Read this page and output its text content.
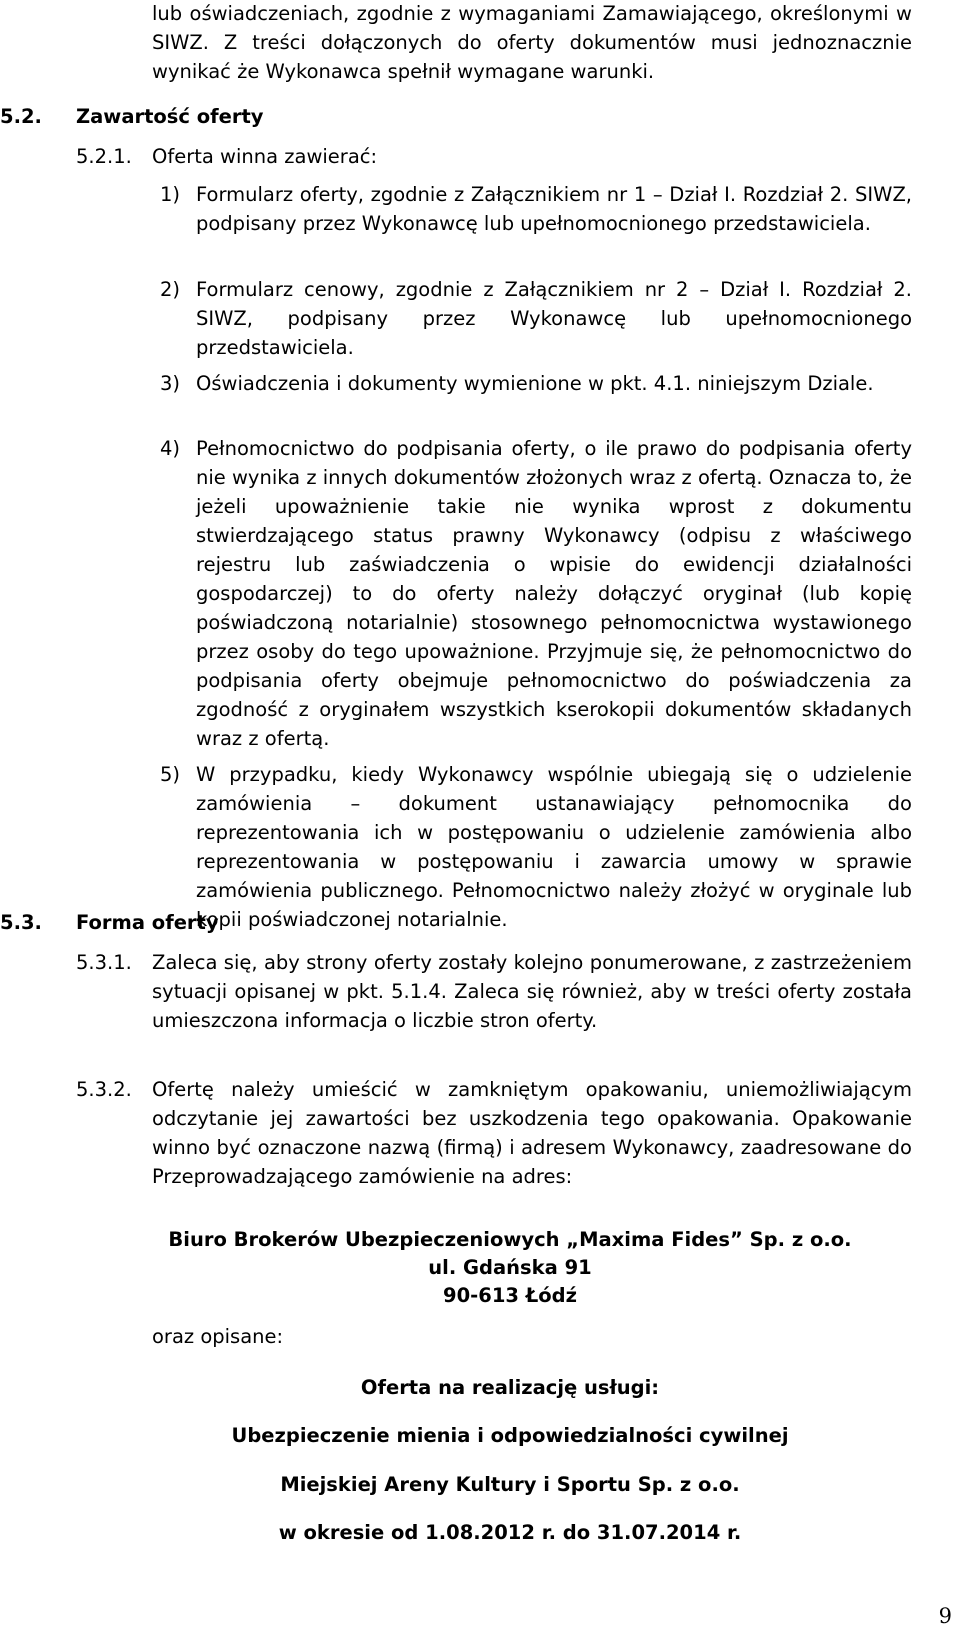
lub oświadczeniach, zgodnie z wymaganiami Zamawiającego, określonymi w SIWZ. Z treści dołączonych do oferty dokumentów musi jednoznacznie wynikać że Wykonawca spełnił wymagane warunki.
5.2. Zawartość oferty
5.2.1. Oferta winna zawierać:
1) Formularz oferty, zgodnie z Załącznikiem nr 1 – Dział I. Rozdział 2. SIWZ, podpisany przez Wykonawcę lub upełnomocnionego przedstawiciela.
2) Formularz cenowy, zgodnie z Załącznikiem nr 2 – Dział I. Rozdział 2. SIWZ, podpisany przez Wykonawcę lub upełnomocnionego przedstawiciela.
3) Oświadczenia i dokumenty wymienione w pkt. 4.1. niniejszym Dziale.
4) Pełnomocnictwo do podpisania oferty, o ile prawo do podpisania oferty nie wynika z innych dokumentów złożonych wraz z ofertą. Oznacza to, że jeżeli upoważnienie takie nie wynika wprost z dokumentu stwierdzającego status prawny Wykonawcy (odpisu z właściwego rejestru lub zaświadczenia o wpisie do ewidencji działalności gospodarczej) to do oferty należy dołączyć oryginał (lub kopię poświadczoną notarialnie) stosownego pełnomocnictwa wystawionego przez osoby do tego upoważnione. Przyjmuje się, że pełnomocnictwo do podpisania oferty obejmuje pełnomocnictwo do poświadczenia za zgodność z oryginałem wszystkich kserokopii dokumentów składanych wraz z ofertą.
5) W przypadku, kiedy Wykonawcy wspólnie ubiegają się o udzielenie zamówienia – dokument ustanawiający pełnomocnika do reprezentowania ich w postępowaniu o udzielenie zamówienia albo reprezentowania w postępowaniu i zawarcia umowy w sprawie zamówienia publicznego. Pełnomocnictwo należy złożyć w oryginale lub kopii poświadczonej notarialnie.
5.3. Forma oferty
5.3.1. Zaleca się, aby strony oferty zostały kolejno ponumerowane, z zastrzeżeniem sytuacji opisanej w pkt. 5.1.4. Zaleca się również, aby w treści oferty została umieszczona informacja o liczbie stron oferty.
5.3.2. Ofertę należy umieścić w zamkniętym opakowaniu, uniemożliwiającym odczytanie jej zawartości bez uszkodzenia tego opakowania. Opakowanie winno być oznaczone nazwą (firmą) i adresem Wykonawcy, zaadresowane do Przeprowadzającego zamówienie na adres:
Biuro Brokerów Ubezpieczeniowych „Maxima Fides” Sp. z o.o.
ul. Gdańska 91
90-613 Łódź
oraz opisane:
Oferta na realizację usługi:
Ubezpieczenie mienia i odpowiedzialności cywilnej
Miejskiej Areny Kultury i Sportu Sp. z o.o.
w okresie od 1.08.2012 r. do 31.07.2014 r.
9
